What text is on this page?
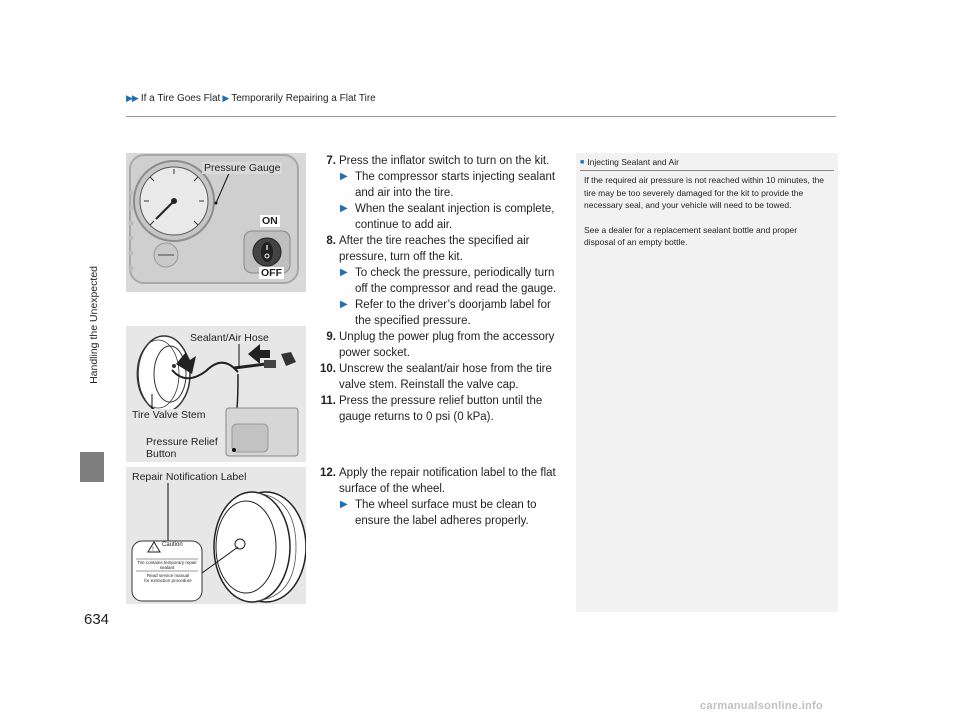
▶ ▶ If a Tire Goes Flat ▶ Temporarily Repairing a Flat Tire
Handling the Unexpected
634
Pressure Gauge
ON
OFF
Sealant/Air Hose
Tire Valve Stem
Pressure Relief
Button
!
Repair Notification Label
Caution
Tire contains temporary repair sealant
Read service manual for extraction procedure
7. Press the inflator switch to turn on the kit.
▶ The compressor starts injecting sealant and air into the tire.
▶ When the sealant injection is complete, continue to add air.
8. After the tire reaches the specified air pressure, turn off the kit.
▶ To check the pressure, periodically turn off the compressor and read the gauge.
▶ Refer to the driver’s doorjamb label for the specified pressure.
9. Unplug the power plug from the accessory power socket.
10. Unscrew the sealant/air hose from the tire valve stem. Reinstall the valve cap.
11. Press the pressure relief button until the gauge returns to 0 psi (0 kPa).
12. Apply the repair notification label to the flat surface of the wheel.
▶ The wheel surface must be clean to ensure the label adheres properly.
■ Injecting Sealant and Air

If the required air pressure is not reached within 10 minutes, the tire may be too severely damaged for the kit to provide the necessary seal, and your vehicle will need to be towed.

See a dealer for a replacement sealant bottle and proper disposal of an empty bottle.

carmanualsonline.info
